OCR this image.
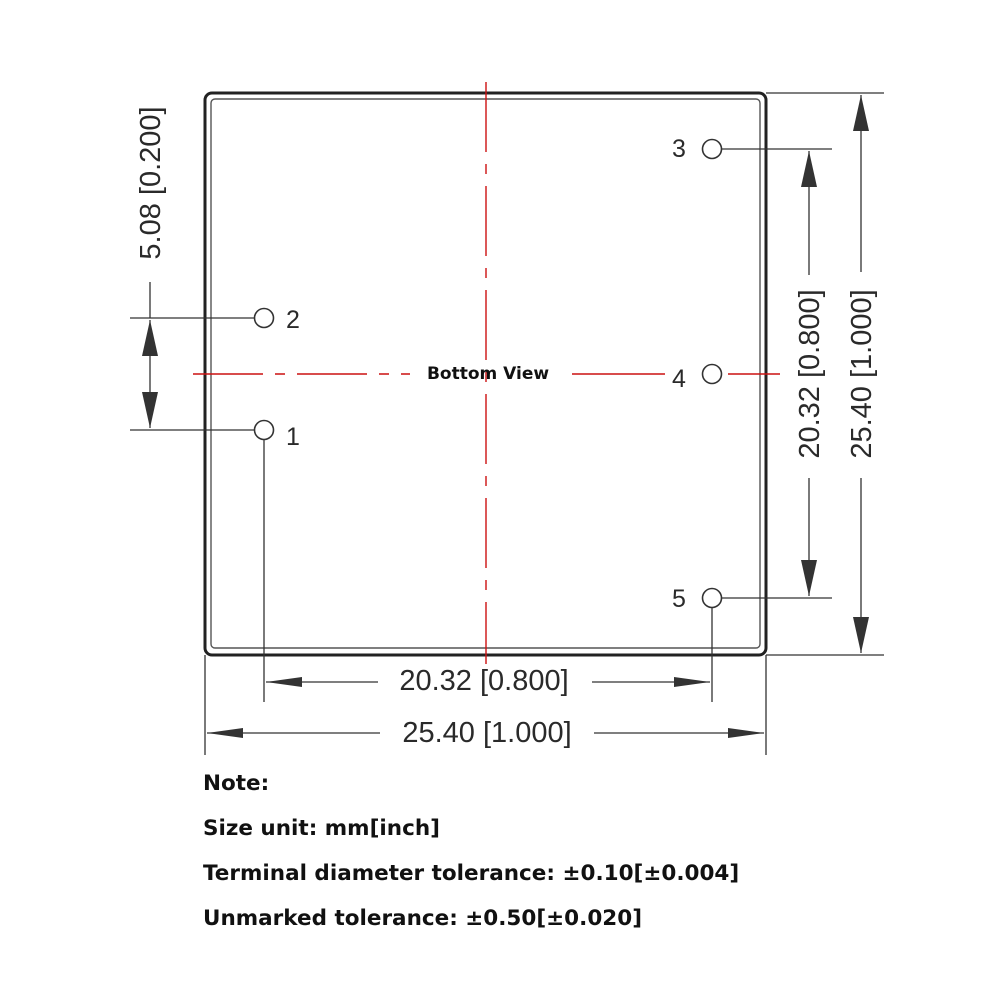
Bottom View
2
1
3
4
5
5.08 [0.200]
20.32 [0.800] 25.40 [1.000]
20.32 [0.800]
25.40 [1.000]
Note:
Size unit: mm[inch]
Terminal diameter tolerance: ±0.10[±0.004]
Unmarked tolerance: ±0.50[±0.020]
